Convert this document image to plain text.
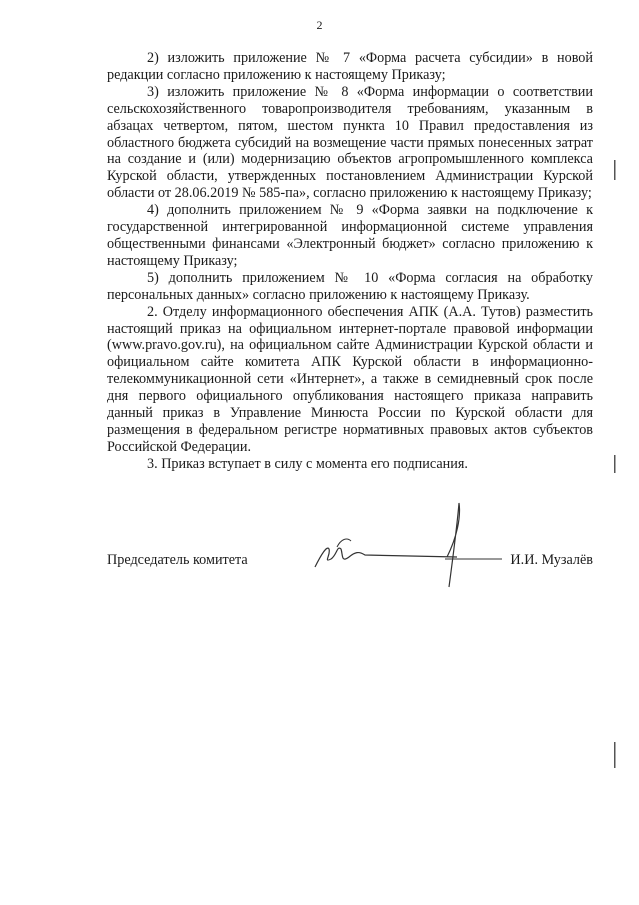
2

2) изложить приложение № 7 «Форма расчета субсидии» в новой редакции согласно приложению к настоящему Приказу;

3) изложить приложение № 8 «Форма информации о соответствии сельскохозяйственного товаропроизводителя требованиям, указанным в абзацах четвертом, пятом, шестом пункта 10 Правил предоставления из областного бюджета субсидий на возмещение части прямых понесенных затрат на создание и (или) модернизацию объектов агропромышленного комплекса Курской области, утвержденных постановлением Администрации Курской области от 28.06.2019 № 585-па», согласно приложению к настоящему Приказу;

4) дополнить приложением № 9 «Форма заявки на подключение к государственной интегрированной информационной системе управления общественными финансами «Электронный бюджет» согласно приложению к настоящему Приказу;

5) дополнить приложением № 10 «Форма согласия на обработку персональных данных» согласно приложению к настоящему Приказу.

2. Отделу информационного обеспечения АПК (А.А. Тутов) разместить настоящий приказ на официальном интернет-портале правовой информации (www.pravo.gov.ru), на официальном сайте Администрации Курской области и официальном сайте комитета АПК Курской области в информационно-телекоммуникационной сети «Интернет», а также в семидневный срок после дня первого официального опубликования настоящего приказа направить данный приказ в Управление Минюста России по Курской области для размещения в федеральном регистре нормативных правовых актов субъектов Российской Федерации.

3. Приказ вступает в силу с момента его подписания.

Председатель комитета	И.И. Музалёв
